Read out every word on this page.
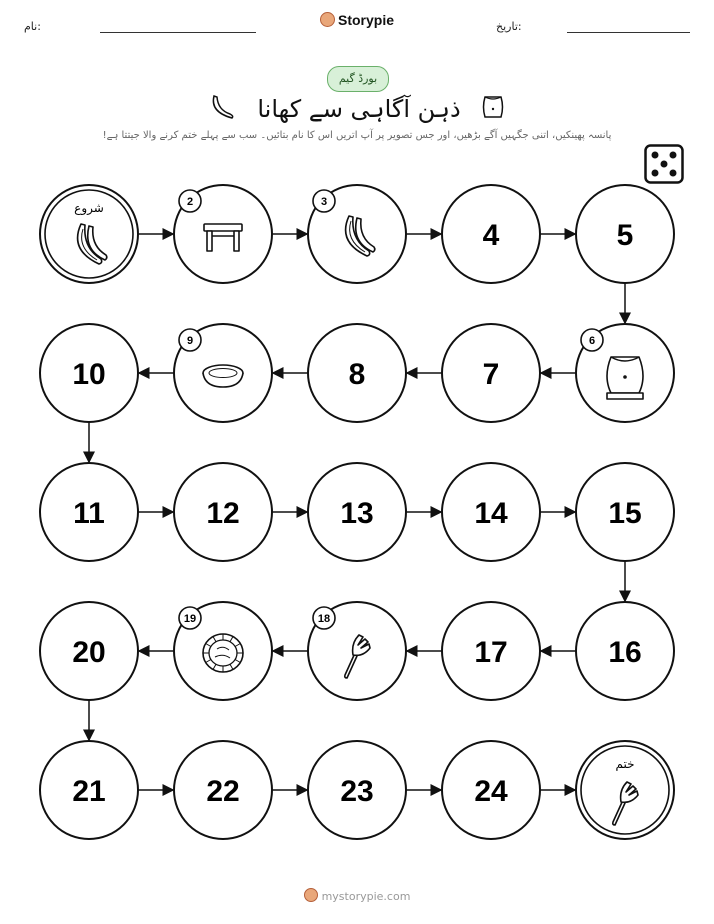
نام:	Storypie	تاریخ:
بورڈ گیم
ذہن آگاہی سے کھانا
پانسہ پھینکیں، اتنی جگہیں آگے بڑھیں، اور جس تصویر پر آپ اتریں اس کا نام بتائیں۔ سب سے پہلے ختم کرنے والا جیتتا ہے!
شروع	2	3
4	5
6
7
8
9
10
11	12	13	14	15
16
17
18
19
20
21	22	23	24
ختم
mystorypie.com
